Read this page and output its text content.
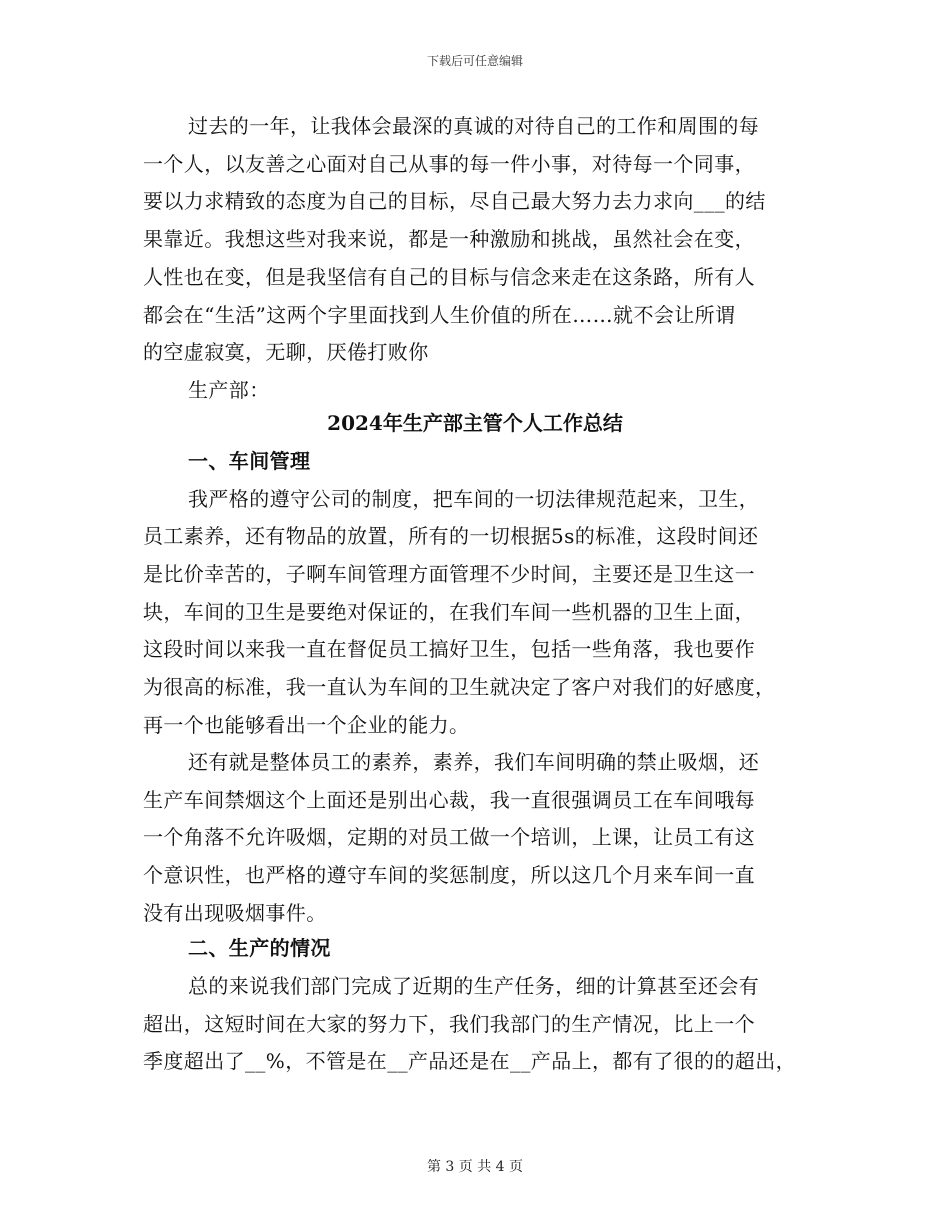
下载后可任意编辑
过去的一年，让我体会最深的真诚的对待自己的工作和周围的每
一个人，以友善之心面对自己从事的每一件小事，对待每一个同事，
要以力求精致的态度为自己的目标，尽自己最大努力去力求向___的结
果靠近。我想这些对我来说，都是一种激励和挑战，虽然社会在变，
人性也在变，但是我坚信有自己的目标与信念来走在这条路，所有人
都会在“生活”这两个字里面找到人生价值的所在……就不会让所谓
的空虚寂寞，无聊，厌倦打败你
生产部：
2024年生产部主管个人工作总结
一、车间管理
我严格的遵守公司的制度，把车间的一切法律规范起来，卫生，
员工素养，还有物品的放置，所有的一切根据5s的标准，这段时间还
是比价幸苦的，子啊车间管理方面管理不少时间，主要还是卫生这一
块，车间的卫生是要绝对保证的，在我们车间一些机器的卫生上面，
这段时间以来我一直在督促员工搞好卫生，包括一些角落，我也要作
为很高的标准，我一直认为车间的卫生就决定了客户对我们的好感度，
再一个也能够看出一个企业的能力。
还有就是整体员工的素养，素养，我们车间明确的禁止吸烟，还
生产车间禁烟这个上面还是别出心裁，我一直很强调员工在车间哦每
一个角落不允许吸烟，定期的对员工做一个培训，上课，让员工有这
个意识性，也严格的遵守车间的奖惩制度，所以这几个月来车间一直
没有出现吸烟事件。
二、生产的情况
总的来说我们部门完成了近期的生产任务，细的计算甚至还会有
超出，这短时间在大家的努力下，我们我部门的生产情况，比上一个
季度超出了__%，不管是在__产品还是在__产品上，都有了很的的超出，
第 3 页 共 4 页
